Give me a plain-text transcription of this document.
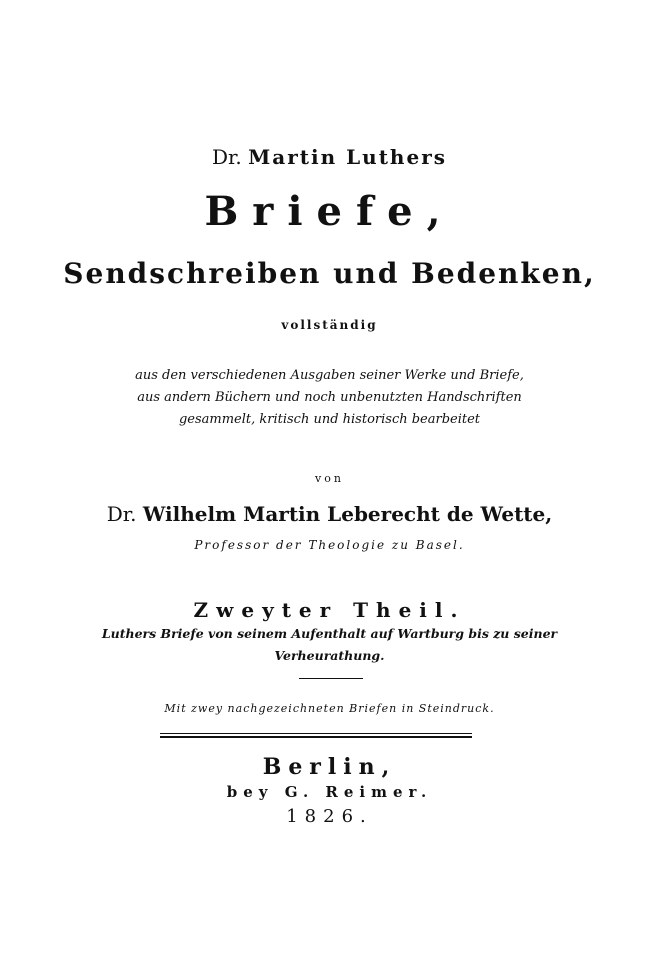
Dr. Martin Luthers
Briefe,
Sendschreiben und Bedenken,
vollständig
aus den verschiedenen Ausgaben seiner Werke und Briefe,
aus andern Büchern und noch unbenutzten Handschriften
gesammelt, kritisch und historisch bearbeitet
von
Dr. Wilhelm Martin Leberecht de Wette,
Professor der Theologie zu Basel.
Zweyter Theil.
Luthers Briefe von seinem Aufenthalt auf Wartburg bis zu seiner
Verheurathung.
Mit zwey nachgezeichneten Briefen in Steindruck.
Berlin,
bey G. Reimer.
1826.
